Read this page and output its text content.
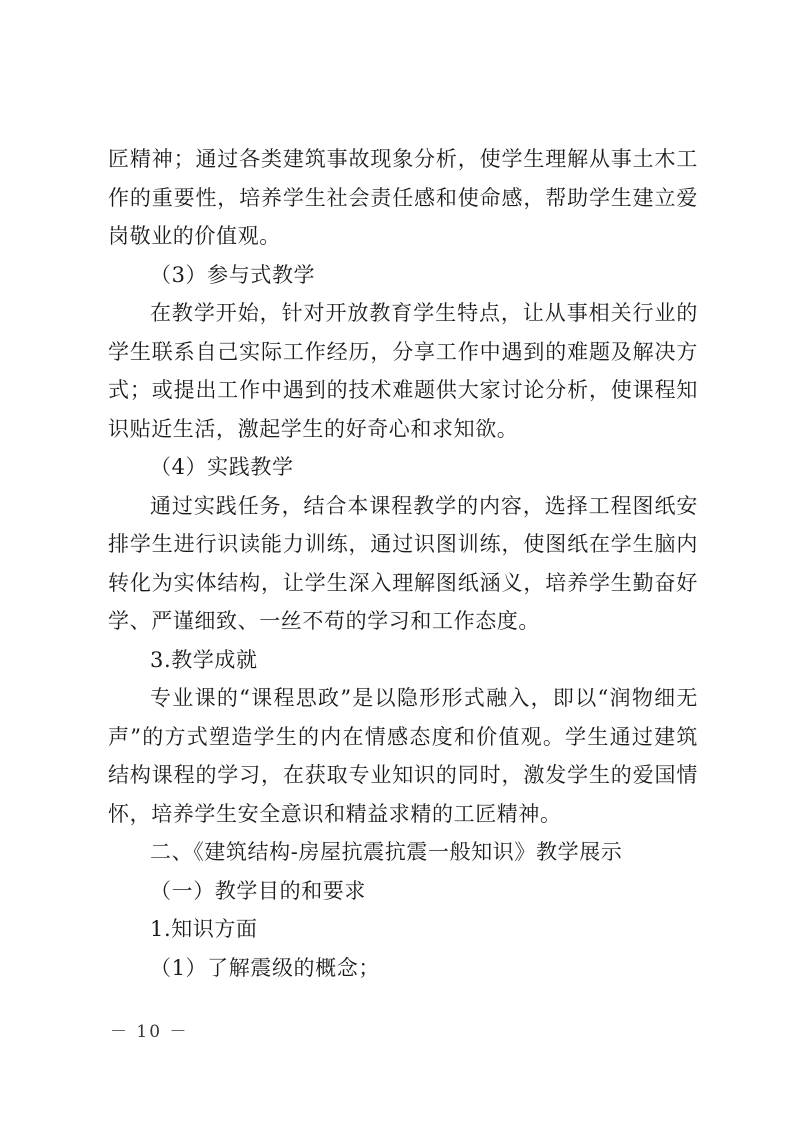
匠精神；通过各类建筑事故现象分析，使学生理解从事土木工作的重要性，培养学生社会责任感和使命感，帮助学生建立爱岗敬业的价值观。

（3）参与式教学

在教学开始，针对开放教育学生特点，让从事相关行业的学生联系自己实际工作经历，分享工作中遇到的难题及解决方式；或提出工作中遇到的技术难题供大家讨论分析，使课程知识贴近生活，激起学生的好奇心和求知欲。

（4）实践教学

通过实践任务，结合本课程教学的内容，选择工程图纸安排学生进行识读能力训练，通过识图训练，使图纸在学生脑内转化为实体结构，让学生深入理解图纸涵义，培养学生勤奋好学、严谨细致、一丝不苟的学习和工作态度。

3.教学成就

专业课的“课程思政”是以隐形形式融入，即以“润物细无声”的方式塑造学生的内在情感态度和价值观。学生通过建筑结构课程的学习，在获取专业知识的同时，激发学生的爱国情怀，培养学生安全意识和精益求精的工匠精神。

二、《建筑结构-房屋抗震抗震一般知识》教学展示

（一）教学目的和要求

1.知识方面

（1）了解震级的概念；

－ 10 －
